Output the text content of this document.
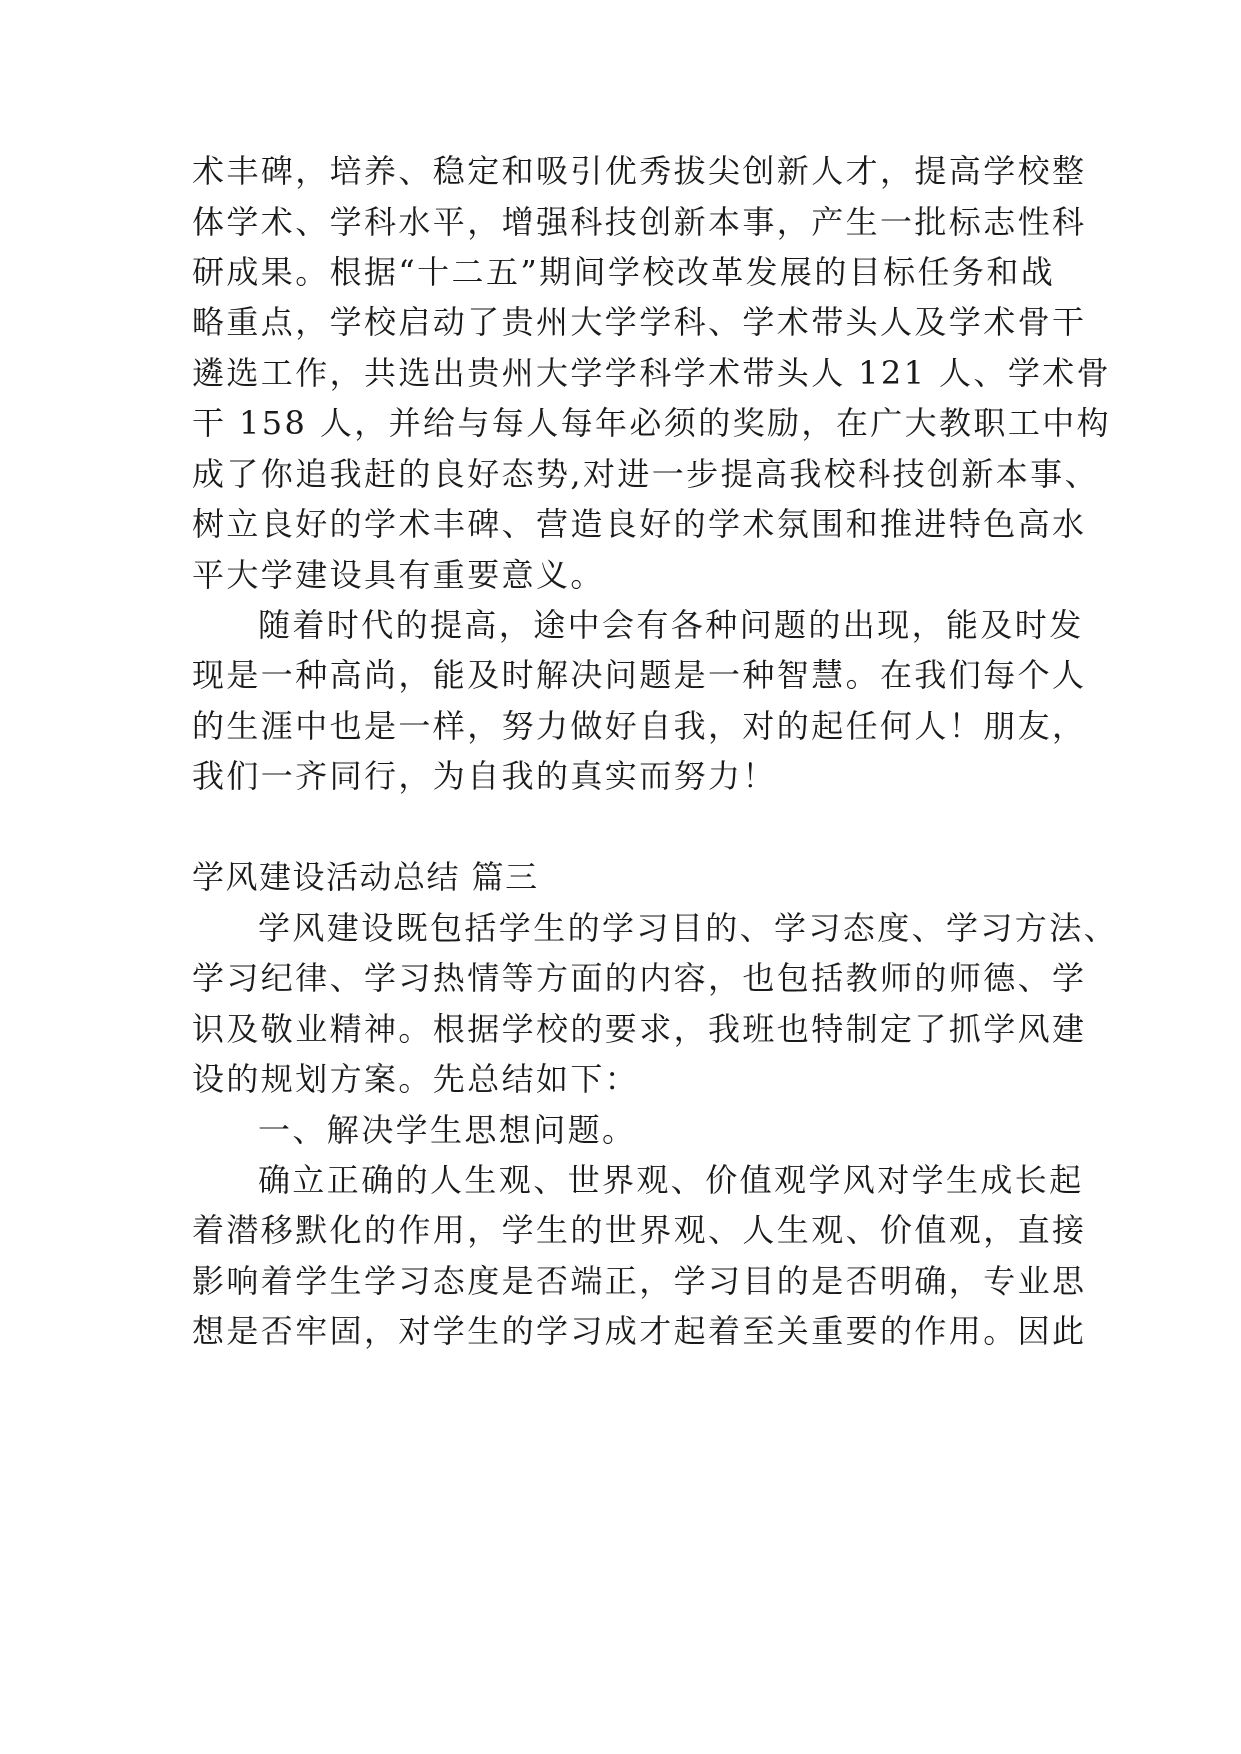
术丰碑，培养、稳定和吸引优秀拔尖创新人才，提高学校整

体学术、学科水平，增强科技创新本事，产生一批标志性科

研成果。根据“十二五”期间学校改革发展的目标任务和战

略重点，学校启动了贵州大学学科、学术带头人及学术骨干

遴选工作，共选出贵州大学学科学术带头人 121 人、学术骨

干 158 人，并给与每人每年必须的奖励，在广大教职工中构

成了你追我赶的良好态势,对进一步提高我校科技创新本事、

树立良好的学术丰碑、营造良好的学术氛围和推进特色高水

平大学建设具有重要意义。

随着时代的提高，途中会有各种问题的出现，能及时发

现是一种高尚，能及时解决问题是一种智慧。在我们每个人

的生涯中也是一样，努力做好自我，对的起任何人！朋友，

我们一齐同行，为自我的真实而努力！

学风建设活动总结 篇三

学风建设既包括学生的学习目的、学习态度、学习方法、

学习纪律、学习热情等方面的内容，也包括教师的师德、学

识及敬业精神。根据学校的要求，我班也特制定了抓学风建

设的规划方案。先总结如下：

一、解决学生思想问题。

确立正确的人生观、世界观、价值观学风对学生成长起

着潜移默化的作用，学生的世界观、人生观、价值观，直接

影响着学生学习态度是否端正，学习目的是否明确，专业思

想是否牢固，对学生的学习成才起着至关重要的作用。因此
